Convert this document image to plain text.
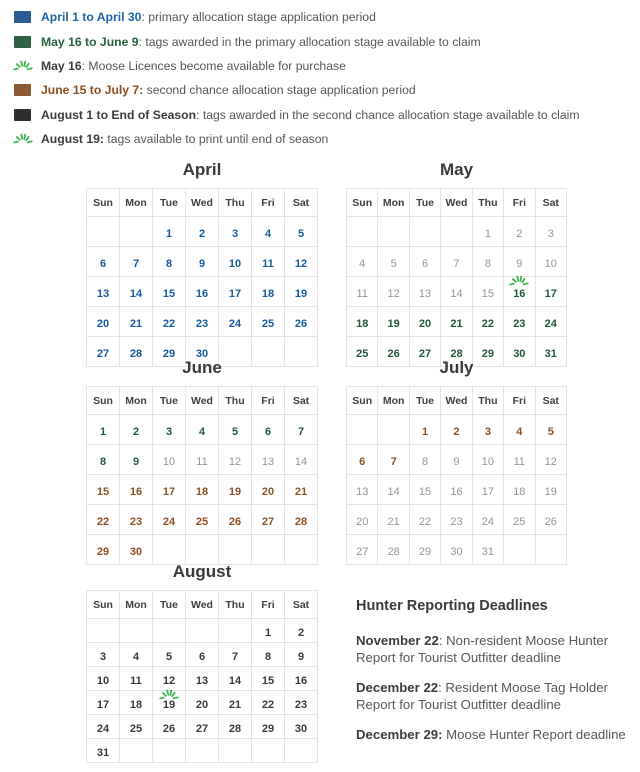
April 1 to April 30: primary allocation stage application period
May 16 to June 9: tags awarded in the primary allocation stage available to claim
May 16: Moose Licences become available for purchase
June 15 to July 7: second chance allocation stage application period
August 1 to End of Season: tags awarded in the second chance allocation stage available to claim
August 19: tags available to print until end of season
April
Sun	Mon	Tue	Wed	Thu	Fri	Sat
		1	2	3	4	5
6	7	8	9	10	11	12
13	14	15	16	17	18	19
20	21	22	23	24	25	26
27	28	29	30			
May
Sun	Mon	Tue	Wed	Thu	Fri	Sat
				1	2	3
4	5	6	7	8	9	10
11	12	13	14	15	16	17
18	19	20	21	22	23	24
25	26	27	28	29	30	31
June
Sun	Mon	Tue	Wed	Thu	Fri	Sat
1	2	3	4	5	6	7
8	9	10	11	12	13	14
15	16	17	18	19	20	21
22	23	24	25	26	27	28
29	30					
July
Sun	Mon	Tue	Wed	Thu	Fri	Sat
		1	2	3	4	5
6	7	8	9	10	11	12
13	14	15	16	17	18	19
20	21	22	23	24	25	26
27	28	29	30	31		
August
Sun	Mon	Tue	Wed	Thu	Fri	Sat
					1	2
3	4	5	6	7	8	9
10	11	12	13	14	15	16
17	18	19	20	21	22	23
24	25	26	27	28	29	30
31						
Hunter Reporting Deadlines

November 22: Non-resident Moose Hunter Report for Tourist Outfitter deadline

December 22: Resident Moose Tag Holder Report for Tourist Outfitter deadline

December 29: Moose Hunter Report deadline
